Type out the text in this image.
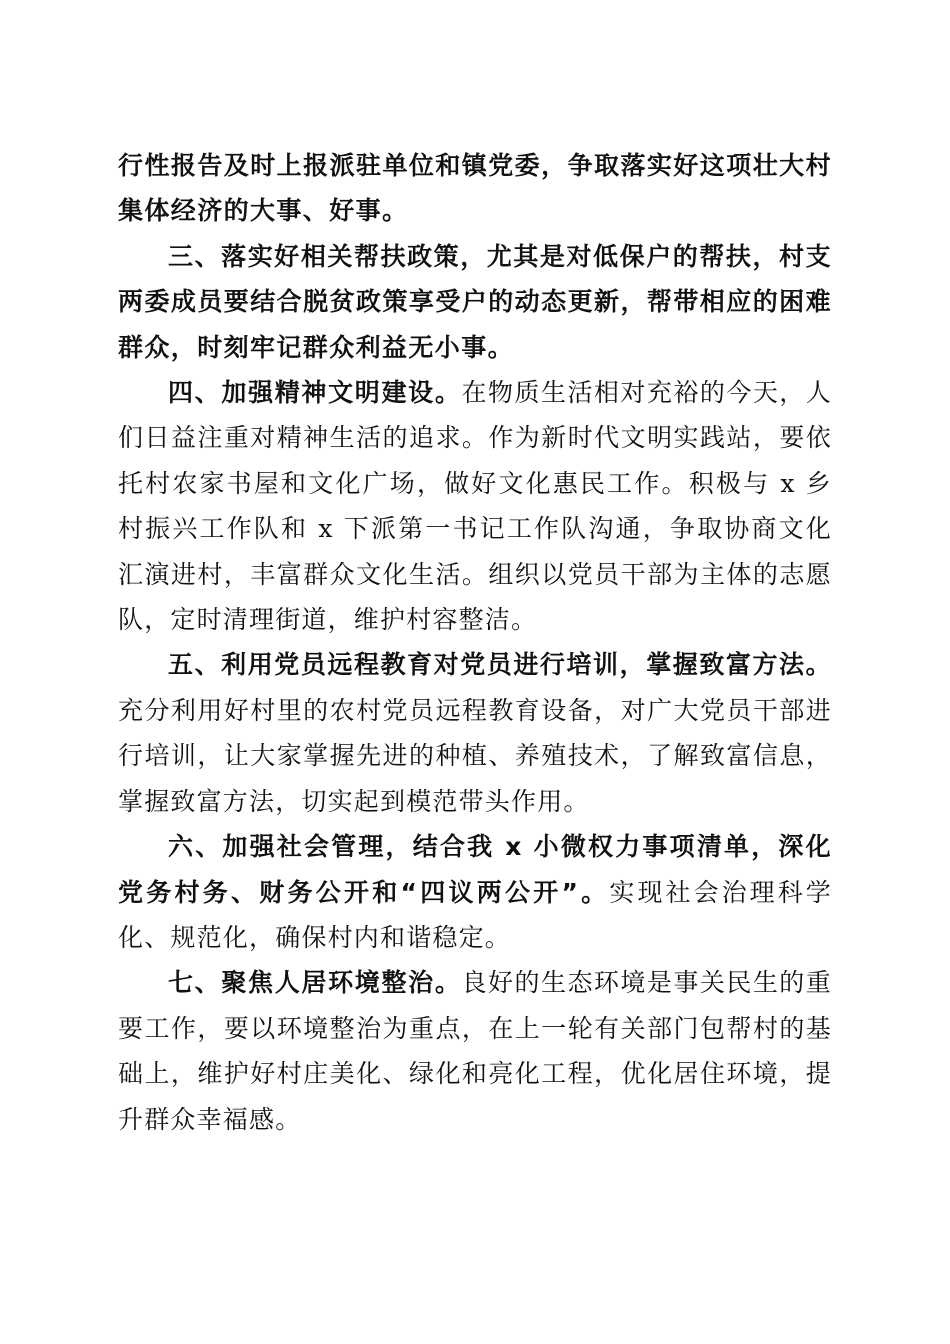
行性报告及时上报派驻单位和镇党委，争取落实好这项壮大村集体经济的大事、好事。

三、落实好相关帮扶政策，尤其是对低保户的帮扶，村支两委成员要结合脱贫政策享受户的动态更新，帮带相应的困难群众，时刻牢记群众利益无小事。

四、加强精神文明建设。在物质生活相对充裕的今天，人们日益注重对精神生活的追求。作为新时代文明实践站，要依托村农家书屋和文化广场，做好文化惠民工作。积极与 x 乡村振兴工作队和 x 下派第一书记工作队沟通，争取协商文化汇演进村，丰富群众文化生活。组织以党员干部为主体的志愿队，定时清理街道，维护村容整洁。

五、利用党员远程教育对党员进行培训，掌握致富方法。充分利用好村里的农村党员远程教育设备，对广大党员干部进行培训，让大家掌握先进的种植、养殖技术，了解致富信息，掌握致富方法，切实起到模范带头作用。

六、加强社会管理，结合我 x 小微权力事项清单，深化党务村务、财务公开和“四议两公开”。实现社会治理科学化、规范化，确保村内和谐稳定。

七、聚焦人居环境整治。良好的生态环境是事关民生的重要工作，要以环境整治为重点，在上一轮有关部门包帮村的基础上，维护好村庄美化、绿化和亮化工程，优化居住环境，提升群众幸福感。
